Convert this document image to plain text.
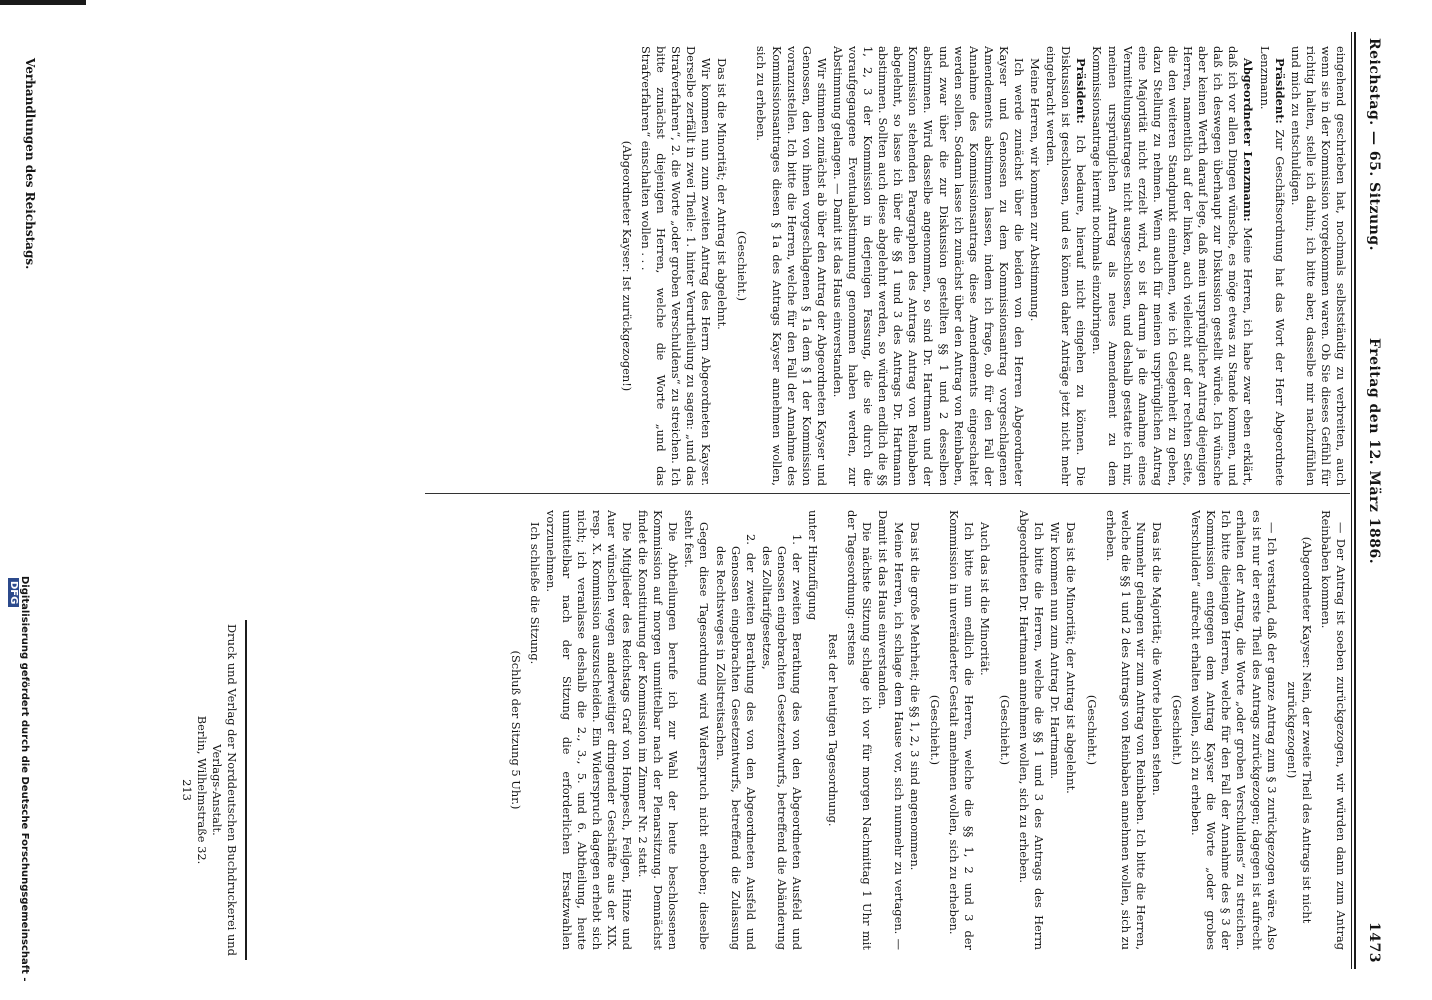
Reichstag. — 65. Sitzung.
Freitag den 12. März 1886.
1473

eingehend geschrieben hat, nochmals selbstständig zu verbreiten, auch wenn sie in der Kommission vorgekommen waren. Ob Sie dieses Gefühl für richtig halten, stelle ich dahin; ich bitte aber, dasselbe mir nachzufühlen und mich zu entschuldigen.

Präsident: Zur Geschäftsordnung hat das Wort der Herr Abgeordnete Lenzmann.

Abgeordneter Lenzmann: Meine Herren, ich habe zwar eben erklärt, daß ich vor allen Dingen wünsche, es möge etwas zu Stande kommen, und daß ich deswegen überhaupt zur Diskussion gestellt würde. Ich wünsche aber keinen Werth darauf lege, daß mein ursprünglicher Antrag diejenigen Herren, namentlich auf der linken, auch vielleicht auf der rechten Seite, die den weiteren Standpunkt einnehmen, wie ich Gelegenheit zu geben, dazu Stellung zu nehmen. Wenn auch für meinen ursprünglichen Antrag eine Majorität nicht erzielt wird, so ist darum ja die Annahme eines Vermittelungsantrages nicht ausgeschlossen, und deshalb gestatte ich mir, meinen ursprünglichen Antrag als neues Amendement zu dem Kommissionsantrage hiermit nochmals einzubringen.

Präsident: Ich bedaure, hierauf nicht eingehen zu können. Die Diskussion ist geschlossen, und es können daher Anträge jetzt nicht mehr eingebracht werden.

Meine Herren, wir kommen zur Abstimmung.

Ich werde zunächst über die beiden von den Herren Abgeordneter Kayser und Genossen zu dem Kommissionsantrag vorgeschlagenen Amendements abstimmen lassen, indem ich frage, ob für den Fall der Annahme des Kommissionsantrags diese Amendements eingeschaltet werden sollen. Sodann lasse ich zunächst über den Antrag von Reinbaben, und zwar über die zur Diskussion gestellten §§ 1 und 2 desselben abstimmen. Wird dasselbe angenommen, so sind Dr. Hartmann und der Kommission stehenden Paragraphen des Antrags Antrag von Reinbaben abgelehnt, so lasse ich über die §§ 1 und 3 des Antrags Dr. Hartmann abstimmen. Sollten auch diese abgelehnt werden, so würden endlich die §§ 1, 2, 3 der Kommission in derjenigen Fassung, die sie durch die voraufgegangene Eventualabstimmung genommen haben werden, zur Abstimmung gelangen. — Damit ist das Haus einverstanden.

Wir stimmen zunächst ab über den Antrag der Abgeordneten Kayser und Genossen, den von ihnen vorgeschlagenen § 1a dem § 1 der Kommission voranzustellen. Ich bitte die Herren, welche für den Fall der Annahme des Kommissionsantrages diesen § 1a des Antrags Kayser annehmen wollen, sich zu erheben.

(Geschieht.)

Das ist die Minorität; der Antrag ist abgelehnt.

Wir kommen nun zum zweiten Antrag des Herrn Abgeordneten Kayser. Derselbe zerfällt in zwei Theile: 1. hinter Verurtheilung zu sagen: „und das Strafverfahren“, 2. die Worte „oder groben Verschuldens“ zu streichen. Ich bitte zunächst diejenigen Herren, welche die Worte „und das Strafverfahren“ einschalten wollen . . .

(Abgeordneter Kayser: Ist zurückgezogen!)

— Der Antrag ist soeben zurückgezogen, wir würden dann zum Antrag Reinbaben kommen.

(Abgeordneter Kayser: Nein, der zweite Theil des Antrags ist nicht zurückgezogen!)

— Ich verstand, daß der ganze Antrag zum § 3 zurückgezogen wäre. Also es ist nur der erste Theil des Antrags zurückgezogen; dagegen ist aufrecht erhalten der Antrag, die Worte „oder groben Verschuldens“ zu streichen. Ich bitte diejenigen Herren, welche für den Fall der Annahme des § 3 der Kommission entgegen dem Antrag Kayser die Worte „oder grobes Verschulden“ aufrecht erhalten wollen, sich zu erheben.

(Geschieht.)

Das ist die Majorität; die Worte bleiben stehen.

Nunmehr gelangen wir zum Antrag von Reinbaben. Ich bitte die Herren, welche die §§ 1 und 2 des Antrags von Reinbaben annehmen wollen, sich zu erheben.

(Geschieht.)

Das ist die Minorität; der Antrag ist abgelehnt.

Wir kommen nun zum Antrag Dr. Hartmann.

Ich bitte die Herren, welche die §§ 1 und 3 des Antrags des Herrn Abgeordneten Dr. Hartmann annehmen wollen, sich zu erheben.

(Geschieht.)

Auch das ist die Minorität.

Ich bitte nun endlich die Herren, welche die §§ 1, 2 und 3 der Kommission in unveränderter Gestalt annehmen wollen, sich zu erheben.

(Geschieht.)

Das ist die große Mehrheit; die §§ 1, 2, 3 sind angenommen.

Meine Herren, ich schlage dem Hause vor, sich nunmehr zu vertagen. — Damit ist das Haus einverstanden.

Die nächste Sitzung schlage ich vor für morgen Nachmittag 1 Uhr mit der Tagesordnung: erstens

Rest der heutigen Tagesordnung.

unter Hinzufügung

1. der zweiten Berathung des von den Abgeordneten Ausfeld und Genossen eingebrachten Gesetzentwurfs, betreffend die Abänderung des Zolltarifgesetzes,

2. der zweiten Berathung des von den Abgeordneten Ausfeld und Genossen eingebrachten Gesetzentwurfs, betreffend die Zulassung des Rechtsweges in Zollstreitsachen.

Gegen diese Tagesordnung wird Widerspruch nicht erhoben; dieselbe steht fest.

Die Abtheilungen berufe ich zur Wahl der heute beschlossenen Kommission auf morgen unmittelbar nach der Plenarsitzung. Demnächst findet die Konstituirung der Kommission im Zimmer Nr. 2 statt.

Die Mitglieder des Reichstags Graf von Hompesch, Feilgen, Hinze und Auer wünschen wegen anderweitiger dringender Geschäfte aus der XIX. resp. X. Kommission auszuscheiden. Ein Widerspruch dagegen erhebt sich nicht; ich veranlasse deshalb die 2., 3., 5. und 6. Abtheilung, heute unmittelbar nach der Sitzung die erforderlichen Ersatzwahlen vorzunehmen.

Ich schließe die Sitzung.

(Schluß der Sitzung 5 Uhr.)

Druck und Verlag der Norddeutschen Buchdruckerei und Verlags-Anstalt.
Berlin, Wilhelmstraße 32.
213
Verhandlungen des Reichstags.
Digitalisierung gefördert durch die Deutsche Forschungsgemeinschaft - DFG
